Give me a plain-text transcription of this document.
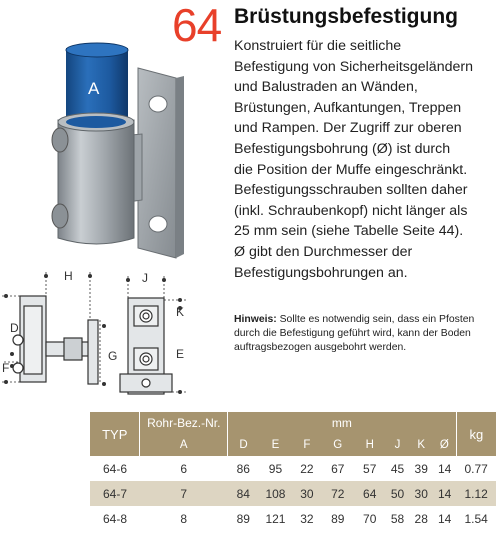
64 Brüstungsbefestigung

Konstruiert für die seitliche

Befestigung von Sicherheitsgeländern

und Balustraden an Wänden,

Brüstungen, Aufkantungen, Treppen

und Rampen. Der Zugriff zur oberen

Befestigungsbohrung (Ø) ist durch

die Position der Muffe eingeschränkt.

Befestigungsschrauben sollten daher

(inkl. Schraubenkopf) nicht länger als

25 mm sein (siehe Tabelle Seite 44).

Ø gibt den Durchmesser der

Befestigungsbohrungen an.

Hinweis: Sollte es notwendig sein, dass ein Pfosten durch die Befestigung geführt wird, kann der Boden auftragsbezogen ausgebohrt werden.
A
H	J
D
F
G
K
E
TYP	Rohr-Bez.-Nr.	mm								kg
	A	D	E	F	G	H	J	K	Ø	
64-6	6	86	95	22	67	57	45	39	14	0.77
64-7	7	84	108	30	72	64	50	30	14	1.12
64-8	8	89	121	32	89	70	58	28	14	1.54
